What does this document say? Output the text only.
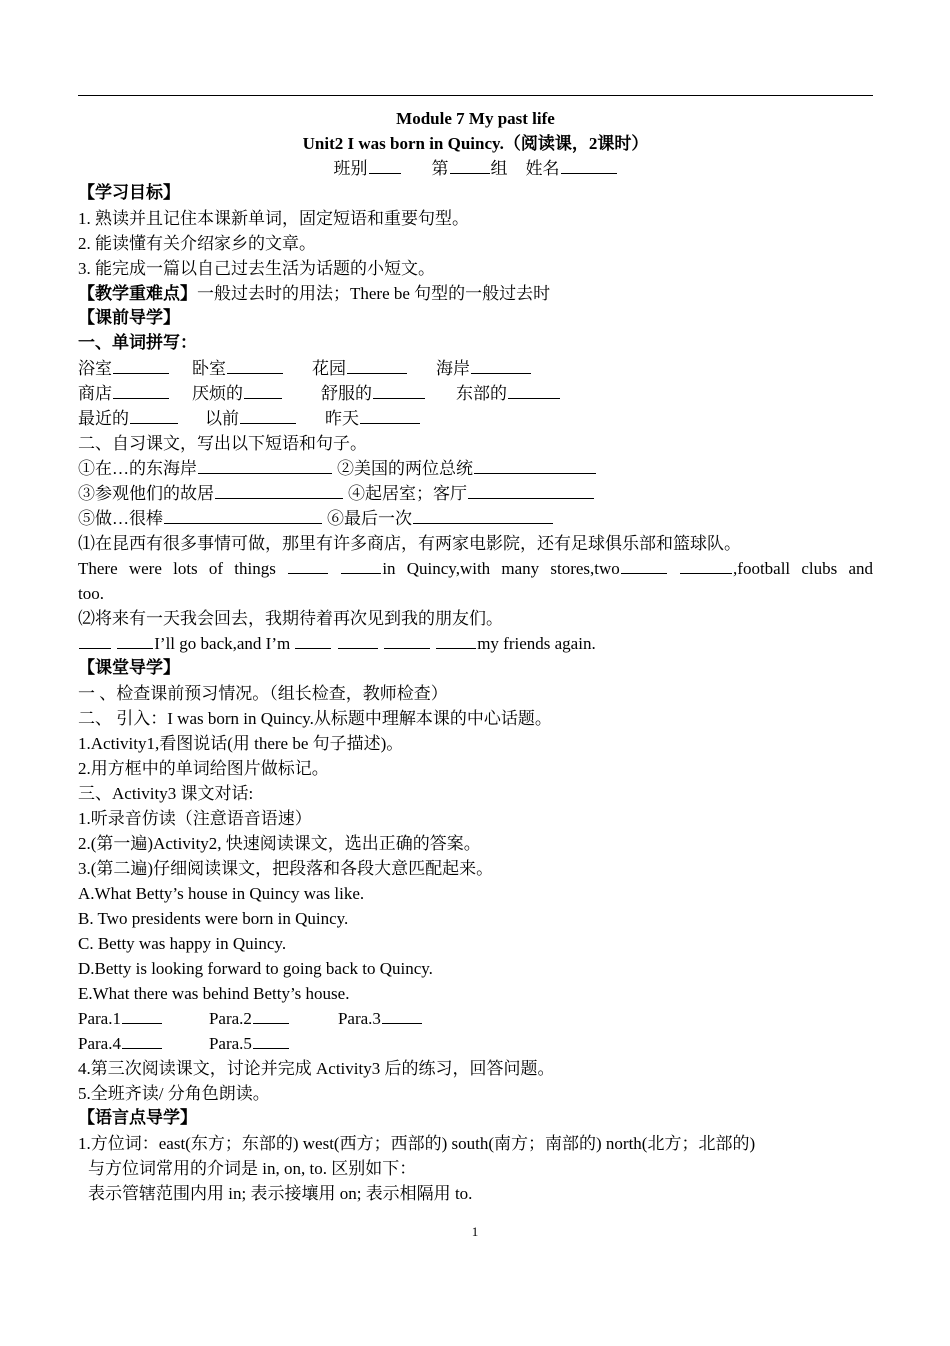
Module 7 My past life
Unit2 I was born in Quincy.（阅读课，2课时）
班别	第 组 姓名
【学习目标】
1. 熟读并且记住本课新单词，固定短语和重要句型。
2. 能读懂有关介绍家乡的文章。
3. 能完成一篇以自己过去生活为话题的小短文。
【教学重难点】一般过去时的用法；There be 句型的一般过去时
【课前导学】
一、单词拼写：
浴室	卧室	花园	海岸
商店	厌烦的	舒服的	东部的
最近的	以前	昨天
二、自习课文，写出以下短语和句子。
①在…的东海岸	②美国的两位总统
③参观他们的故居	④起居室；客厅
⑤做…很棒	⑥最后一次
⑴在昆西有很多事情可做，那里有许多商店，有两家电影院，还有足球俱乐部和篮球队。
There were lots of things	in Quincy,with many stores,two	,football clubs and
too.
⑵将来有一天我会回去，我期待着再次见到我的朋友们。
I’ll go back,and I’m	my friends again.
【课堂导学】
一 、检查课前预习情况。（组长检查，教师检查）
二、 引入：I was born in Quincy.从标题中理解本课的中心话题。
1.Activity1,看图说话(用 there be 句子描述)。
2.用方框中的单词给图片做标记。
三、Activity3 课文对话:
1.听录音仿读（注意语音语速）
2.(第一遍)Activity2, 快速阅读课文，选出正确的答案。
3.(第二遍)仔细阅读课文，把段落和各段大意匹配起来。
A.What Betty’s house in Quincy was like.
B. Two presidents were born in Quincy.
C. Betty was happy in Quincy.
D.Betty is looking forward to going back to Quincy.
E.What there was behind Betty’s house.
Para.1	Para.2	Para.3
Para.4	Para.5
4.第三次阅读课文，讨论并完成 Activity3 后的练习，回答问题。
5.全班齐读/ 分角色朗读。
【语言点导学】
1.方位词：east(东方；东部的) west(西方；西部的) south(南方；南部的) north(北方；北部的)
与方位词常用的介词是 in, on, to. 区别如下：
表示管辖范围内用 in; 表示接壤用 on; 表示相隔用 to.
1
